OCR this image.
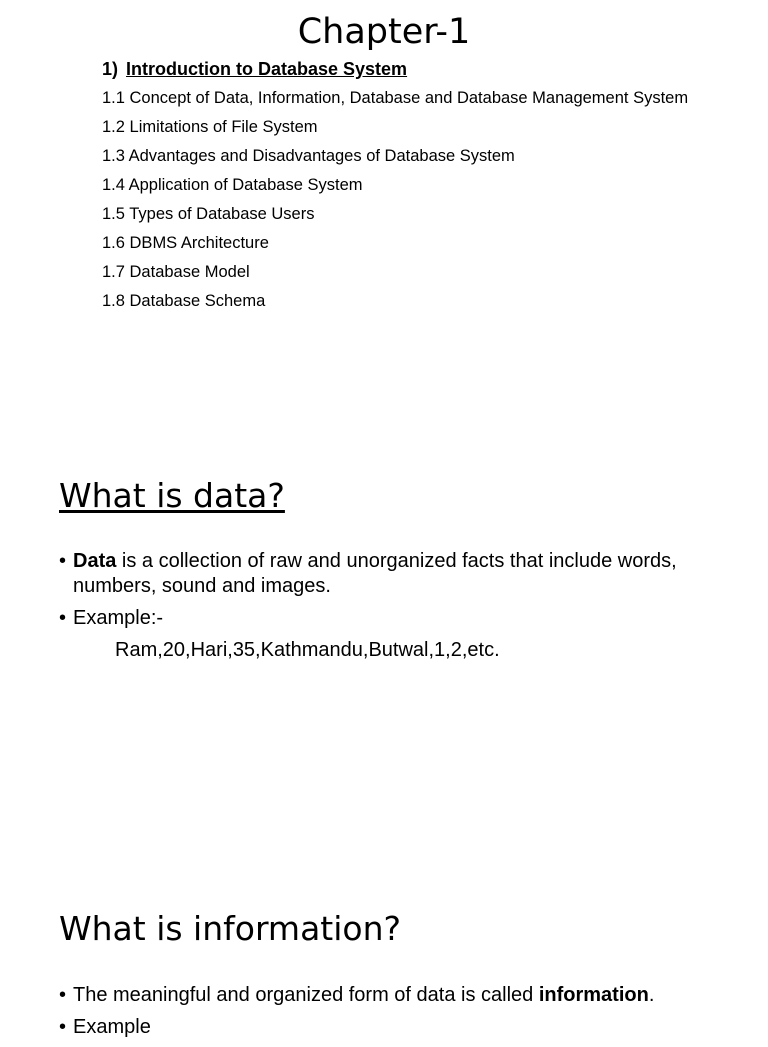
Chapter-1

1) Introduction to Database System

1.1 Concept of Data, Information, Database and Database Management System
1.2 Limitations of File System
1.3 Advantages and Disadvantages of Database System
1.4 Application of Database System
1.5 Types of Database Users
1.6 DBMS Architecture
1.7 Database Model
1.8 Database Schema
What is data?
• Data is a collection of raw and unorganized facts that include words, numbers, sound and images.
• Example:-

Ram,20,Hari,35,Kathmandu,Butwal,1,2,etc.

What is information?
• The meaningful and organized form of data is called information.
• Example
